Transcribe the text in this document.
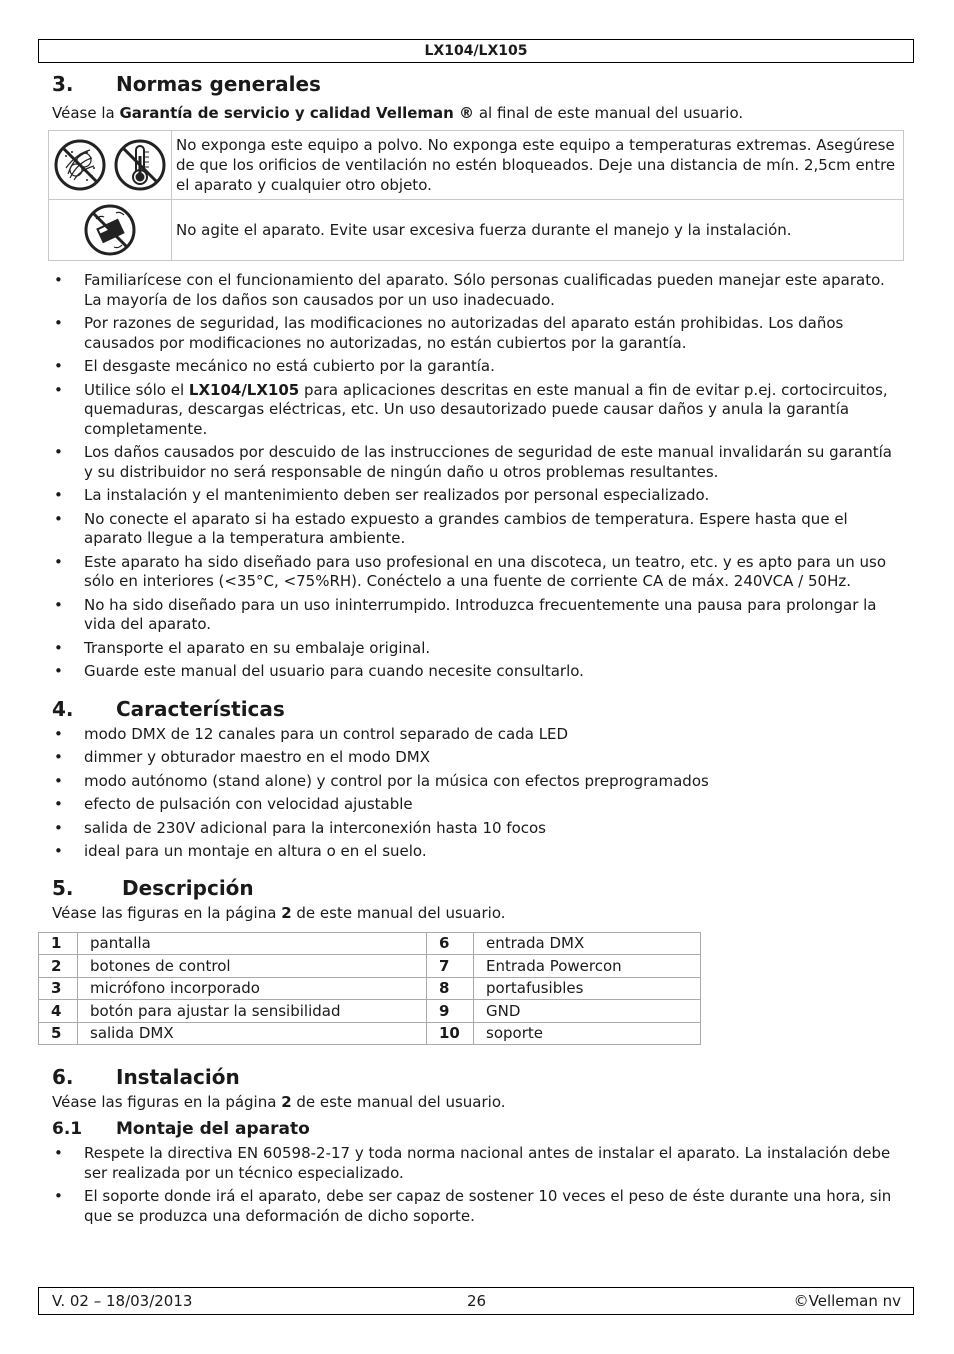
LX104/LX105
3. Normas generales

Véase la Garantía de servicio y calidad Velleman ® al final de este manual del usuario.

	No exponga este equipo a polvo. No exponga este equipo a temperaturas extremas. Asegúrese de que los orificios de ventilación no estén bloqueados. Deje una distancia de mín. 2,5cm entre el aparato y cualquier otro objeto.
	No agite el aparato. Evite usar excesiva fuerza durante el manejo y la instalación.
• Familiarícese con el funcionamiento del aparato. Sólo personas cualificadas pueden manejar este aparato. La mayoría de los daños son causados por un uso inadecuado.
• Por razones de seguridad, las modificaciones no autorizadas del aparato están prohibidas. Los daños causados por modificaciones no autorizadas, no están cubiertos por la garantía.
• El desgaste mecánico no está cubierto por la garantía.
• Utilice sólo el LX104/LX105 para aplicaciones descritas en este manual a fin de evitar p.ej. cortocircuitos, quemaduras, descargas eléctricas, etc. Un uso desautorizado puede causar daños y anula la garantía completamente.
• Los daños causados por descuido de las instrucciones de seguridad de este manual invalidarán su garantía y su distribuidor no será responsable de ningún daño u otros problemas resultantes.
• La instalación y el mantenimiento deben ser realizados por personal especializado.
• No conecte el aparato si ha estado expuesto a grandes cambios de temperatura. Espere hasta que el aparato llegue a la temperatura ambiente.
• Este aparato ha sido diseñado para uso profesional en una discoteca, un teatro, etc. y es apto para un uso sólo en interiores (<35°C, <75%RH). Conéctelo a una fuente de corriente CA de máx. 240VCA / 50Hz.
• No ha sido diseñado para un uso ininterrumpido. Introduzca frecuentemente una pausa para prolongar la vida del aparato.
• Transporte el aparato en su embalaje original.
• Guarde este manual del usuario para cuando necesite consultarlo.
4. Características
• modo DMX de 12 canales para un control separado de cada LED
• dimmer y obturador maestro en el modo DMX
• modo autónomo (stand alone) y control por la música con efectos preprogramados
• efecto de pulsación con velocidad ajustable
• salida de 230V adicional para la interconexión hasta 10 focos
• ideal para un montaje en altura o en el suelo.
5. Descripción

Véase las figuras en la página 2 de este manual del usuario.

1	pantalla	6	entrada DMX
2	botones de control	7	Entrada Powercon
3	micrófono incorporado	8	portafusibles
4	botón para ajustar la sensibilidad	9	GND
5	salida DMX	10	soporte
6. Instalación

Véase las figuras en la página 2 de este manual del usuario.

6.1 Montaje del aparato
• Respete la directiva EN 60598-2-17 y toda norma nacional antes de instalar el aparato. La instalación debe ser realizada por un técnico especializado.
• El soporte donde irá el aparato, debe ser capaz de sostener 10 veces el peso de éste durante una hora, sin que se produzca una deformación de dicho soporte.
V. 02 – 18/03/2013	26	©Velleman nv
